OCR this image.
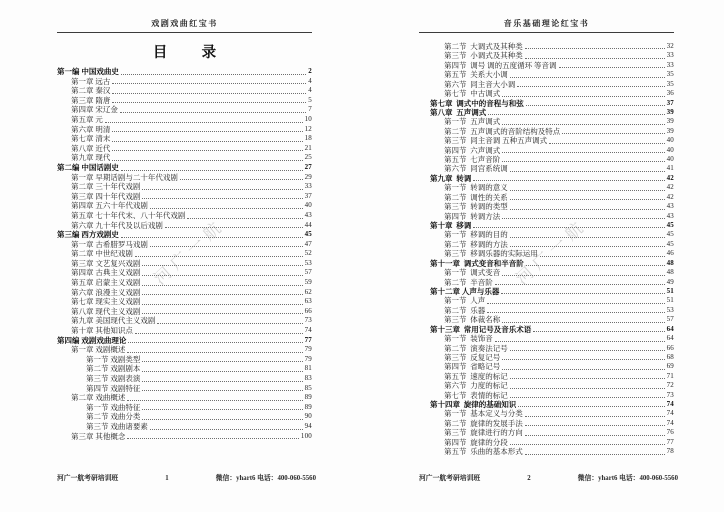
河广一航
戏剧戏曲红宝书
目  录
第一编 中国戏曲史	2
第一章 远古	4
第二章 秦汉	4
第三章 隋唐	5
第四章 宋辽金	7
第五章 元	10
第六章 明清	12
第七章 清末	18
第八章 近代	21
第九章 现代	25
第二编 中国话剧史	27
第一章 早期话剧与二十年代戏剧	29
第二章 三十年代戏剧	33
第三章 四十年代戏剧	37
第四章 五六十年代戏剧	40
第五章 七十年代末、八十年代戏剧	43
第六章 九十年代及以后戏剧	44
第三编 西方戏剧史	45
第一章 古希腊罗马戏剧	47
第二章 中世纪戏剧	52
第三章 文艺复兴戏剧	53
第四章 古典主义戏剧	57
第五章 启蒙主义戏剧	59
第六章 浪漫主义戏剧	62
第七章 现实主义戏剧	63
第八章 现代主义戏剧	66
第九章 美国现代主义戏剧	73
第十章 其他知识点	74
第四编 戏剧戏曲理论	77
第一章 戏剧概述	79
第一节 戏剧类型	79
第二节 戏剧剧本	81
第三节 戏剧表演	83
第四节 戏剧特征	85
第二章 戏曲概述	89
第一节 戏曲特征	89
第二节 戏曲分类	90
第三节 戏曲诸要素	94
第三章 其他概念	100
河广一航考研培训班	1	微信：yhart6 电话：400-060-5560
河广一航
音乐基础理论红宝书
第二节  大调式及其种类	32
第三节  小调式及其种类	33
第四节  调号 调的五度循环 等音调	33
第五节  关系大小调	35
第六节  同主音大小调	35
第七节  中古调式	36
第七章  调式中的音程与和弦	37
第八章  五声调式	39
第一节  五声调式	39
第二节  五声调式的音阶结构及特点	39
第三节  同主音调 五种五声调式	40
第四节  六声调式	40
第五节  七声音阶	40
第六节  同宫系统调	41
第九章  转调	42
第一节  转调的意义	42
第二节  调性的关系	42
第三节  转调的类型	43
第四节  转调方法	43
第十章  移调	45
第一节  移调的目的	45
第二节  移调的方法	45
第三节  移调乐器的实际运用	46
第十一章  调式变音和半音阶	48
第一节  调式变音	48
第二节  半音阶	49
第十二章 人声与乐器	51
第一节  人声	51
第二节  乐器	53
第三节  体裁名称	57
第十三章  常用记号及音乐术语	64
第一节  装饰音	64
第二节  演奏法记号	66
第三节  反复记号	68
第四节  省略记号	69
第五节  速度的标记	71
第六节  力度的标记	72
第七节  表情的标记	73
第十四章  旋律的基础知识	74
第一节  基本定义与分类	74
第二节  旋律的发展手法	74
第三节  旋律进行的方向	76
第四节  旋律的分段	77
第五节  乐曲的基本形式	78
河广一航考研培训班	2	微信：yhart6 电话：400-060-5560
